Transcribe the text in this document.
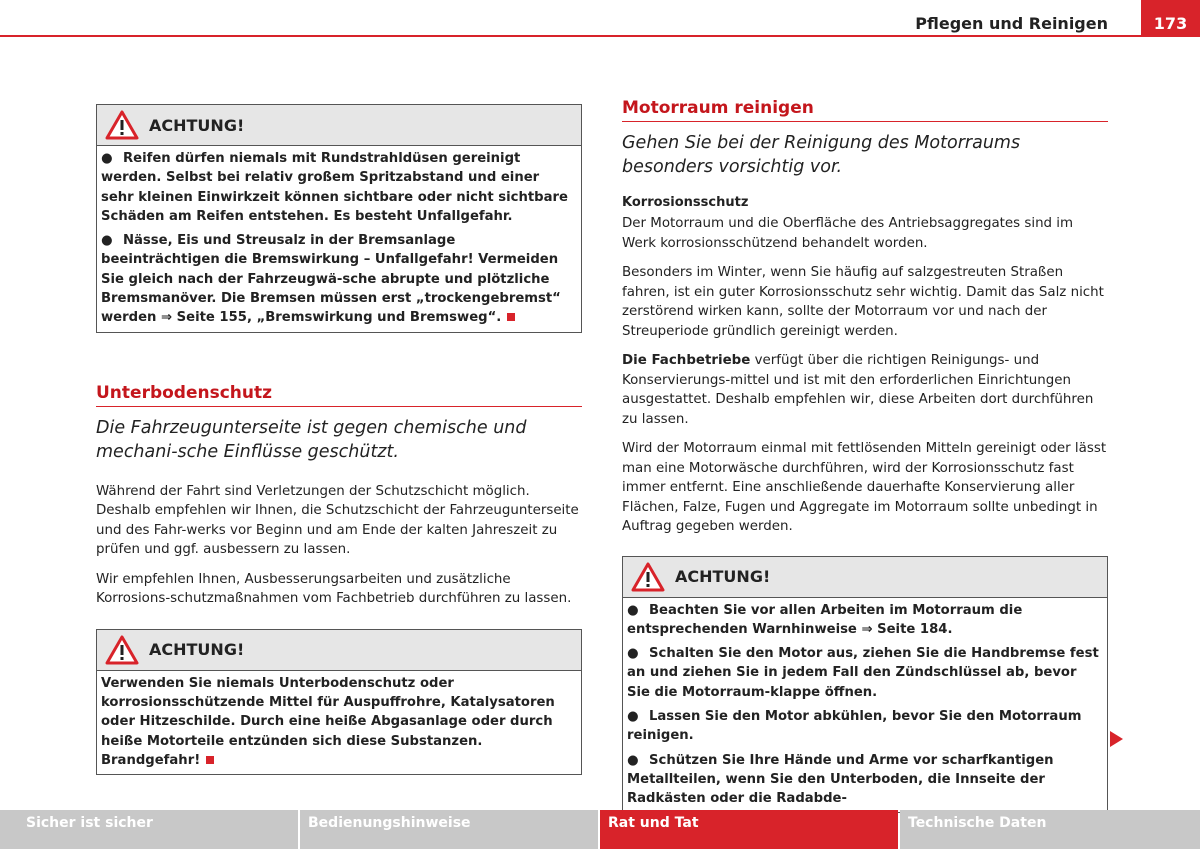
Pflegen und Reinigen	173
ACHTUNG!
● Reifen dürfen niemals mit Rundstrahldüsen gereinigt werden. Selbst bei relativ großem Spritzabstand und einer sehr kleinen Einwirkzeit können sichtbare oder nicht sichtbare Schäden am Reifen entstehen. Es besteht Unfallgefahr.
● Nässe, Eis und Streusalz in der Bremsanlage beeinträchtigen die Bremswirkung – Unfallgefahr! Vermeiden Sie gleich nach der Fahrzeugwä-sche abrupte und plötzliche Bremsmanöver. Die Bremsen müssen erst „trockengebremst“ werden ⇒ Seite 155, „Bremswirkung und Bremsweg“.
Unterbodenschutz
Die Fahrzeugunterseite ist gegen chemische und mechani-sche Einflüsse geschützt.
Während der Fahrt sind Verletzungen der Schutzschicht möglich. Deshalb empfehlen wir Ihnen, die Schutzschicht der Fahrzeugunterseite und des Fahr-werks vor Beginn und am Ende der kalten Jahreszeit zu prüfen und ggf. ausbessern zu lassen.
Wir empfehlen Ihnen, Ausbesserungsarbeiten und zusätzliche Korrosions-schutzmaßnahmen vom Fachbetrieb durchführen zu lassen.
ACHTUNG!
Verwenden Sie niemals Unterbodenschutz oder korrosionsschützende Mittel für Auspuffrohre, Katalysatoren oder Hitzeschilde. Durch eine heiße Abgasanlage oder durch heiße Motorteile entzünden sich diese Substanzen. Brandgefahr!
Motorraum reinigen
Gehen Sie bei der Reinigung des Motorraums besonders vorsichtig vor.
Korrosionsschutz
Der Motorraum und die Oberfläche des Antriebsaggregates sind im Werk korrosionsschützend behandelt worden.
Besonders im Winter, wenn Sie häufig auf salzgestreuten Straßen fahren, ist ein guter Korrosionsschutz sehr wichtig. Damit das Salz nicht zerstörend wirken kann, sollte der Motorraum vor und nach der Streuperiode gründlich gereinigt werden.
Die Fachbetriebe verfügt über die richtigen Reinigungs- und Konservierungs-mittel und ist mit den erforderlichen Einrichtungen ausgestattet. Deshalb empfehlen wir, diese Arbeiten dort durchführen zu lassen.
Wird der Motorraum einmal mit fettlösenden Mitteln gereinigt oder lässt man eine Motorwäsche durchführen, wird der Korrosionsschutz fast immer entfernt. Eine anschließende dauerhafte Konservierung aller Flächen, Falze, Fugen und Aggregate im Motorraum sollte unbedingt in Auftrag gegeben werden.
ACHTUNG!
● Beachten Sie vor allen Arbeiten im Motorraum die entsprechenden Warnhinweise ⇒ Seite 184.
● Schalten Sie den Motor aus, ziehen Sie die Handbremse fest an und ziehen Sie in jedem Fall den Zündschlüssel ab, bevor Sie die Motorraum-klappe öffnen.
● Lassen Sie den Motor abkühlen, bevor Sie den Motorraum reinigen.
● Schützen Sie Ihre Hände und Arme vor scharfkantigen Metallteilen, wenn Sie den Unterboden, die Innseite der Radkästen oder die Radabde-
Sicher ist sicher	Bedienungshinweise	Rat und Tat	Technische Daten
